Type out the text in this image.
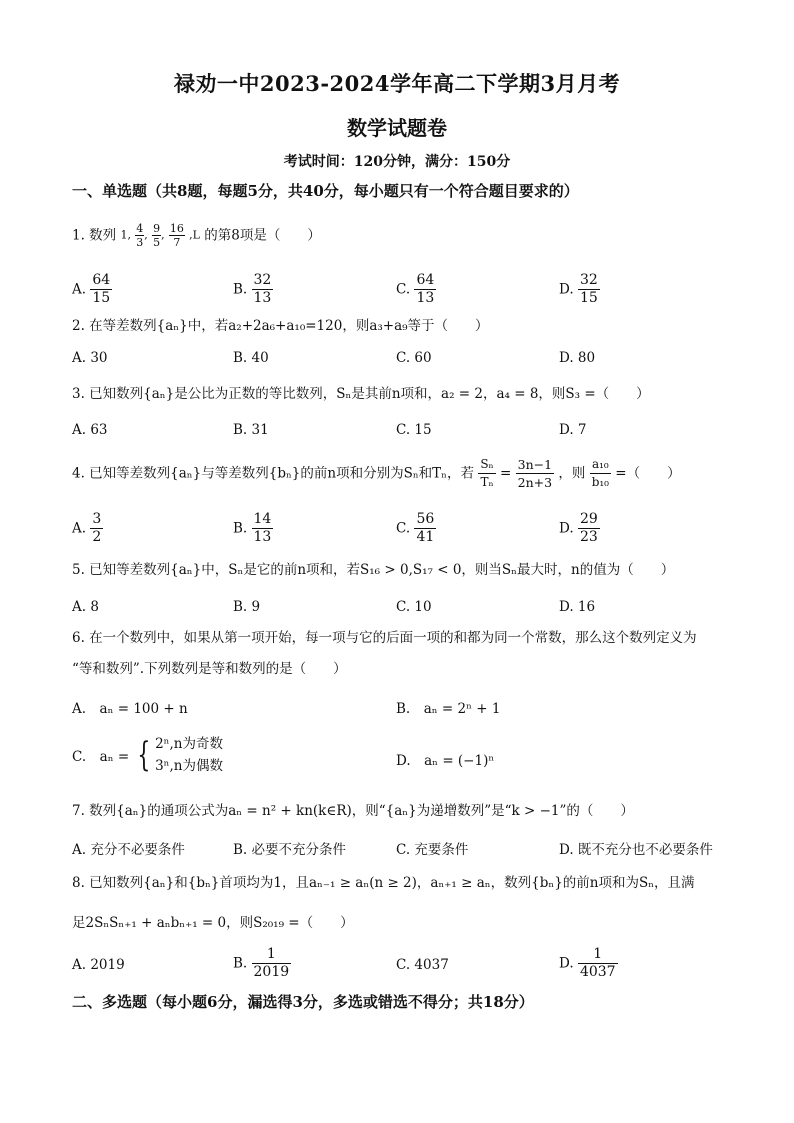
禄劝一中2023-2024学年高二下学期3月月考
数学试题卷
考试时间：120分钟，满分：150分
一、单选题（共8题，每题5分，共40分，每小题只有一个符合题目要求的）
1. 数列 1, $\frac{4}{3}$ , $\frac{9}{5}$ , $\frac{16}{7} ,L$ 的第8项是（　　）
A. $\frac{64}{15}$	B. $\frac{32}{13}$	C. $\frac{64}{13}$	D. $\frac{32}{15}$
2. 在等差数列{aₙ}中，若a₂+2a₆+a₁₀=120，则a₃+a₉等于（　　）
A. 30	B. 40	C. 60	D. 80
3. 已知数列{aₙ}是公比为正数的等比数列，Sₙ是其前n项和，a₂ = 2，a₄ = 8，则S₃ =（　　）
A. 63	B. 31	C. 15	D. 7
4. 已知等差数列{aₙ}与等差数列{bₙ}的前n项和分别为Sₙ和Tₙ，若 $\frac{\text{Sₙ}}{\text{Tₙ}} = \frac{3n-1}{2n+3}$ ，则 $\frac{\text{a₁₀}}{\text{b₁₀}}$ =（　　）
A. $\frac{3}{2}$	B. $\frac{14}{13}$	C. $\frac{56}{41}$	D. $\frac{29}{23}$
5. 已知等差数列{aₙ}中，Sₙ是它的前n项和，若S₁₆ > 0,S₁₇ < 0，则当Sₙ最大时，n的值为（　　）
A. 8	B. 9	C. 10	D. 16
6. 在一个数列中，如果从第一项开始，每一项与它的后面一项的和都为同一个常数，那么这个数列定义为
“等和数列”.下列数列是等和数列的是（　　）
A.　aₙ = 100 + n	B.　aₙ = 2ⁿ + 1
C.　aₙ = { 2ⁿ,n为奇数
3ⁿ,n为偶数	D.　aₙ = (−1)ⁿ
7. 数列{aₙ}的通项公式为aₙ = n² + kn(k∈R)，则“{aₙ}为递增数列”是“k > −1”的（　　）
A. 充分不必要条件	B. 必要不充分条件	C. 充要条件	D. 既不充分也不必要条件
8. 已知数列{aₙ}和{bₙ}首项均为1，且aₙ₋₁ ≥ aₙ(n ≥ 2)，aₙ₊₁ ≥ aₙ，数列{bₙ}的前n项和为Sₙ，且满
足2SₙSₙ₊₁ + aₙbₙ₊₁ = 0，则S₂₀₁₉ =（　　）
A. 2019	B. $\frac{1}{2019}$	C. 4037	D. $\frac{1}{4037}$
二、多选题（每小题6分，漏选得3分，多选或错选不得分；共18分）
